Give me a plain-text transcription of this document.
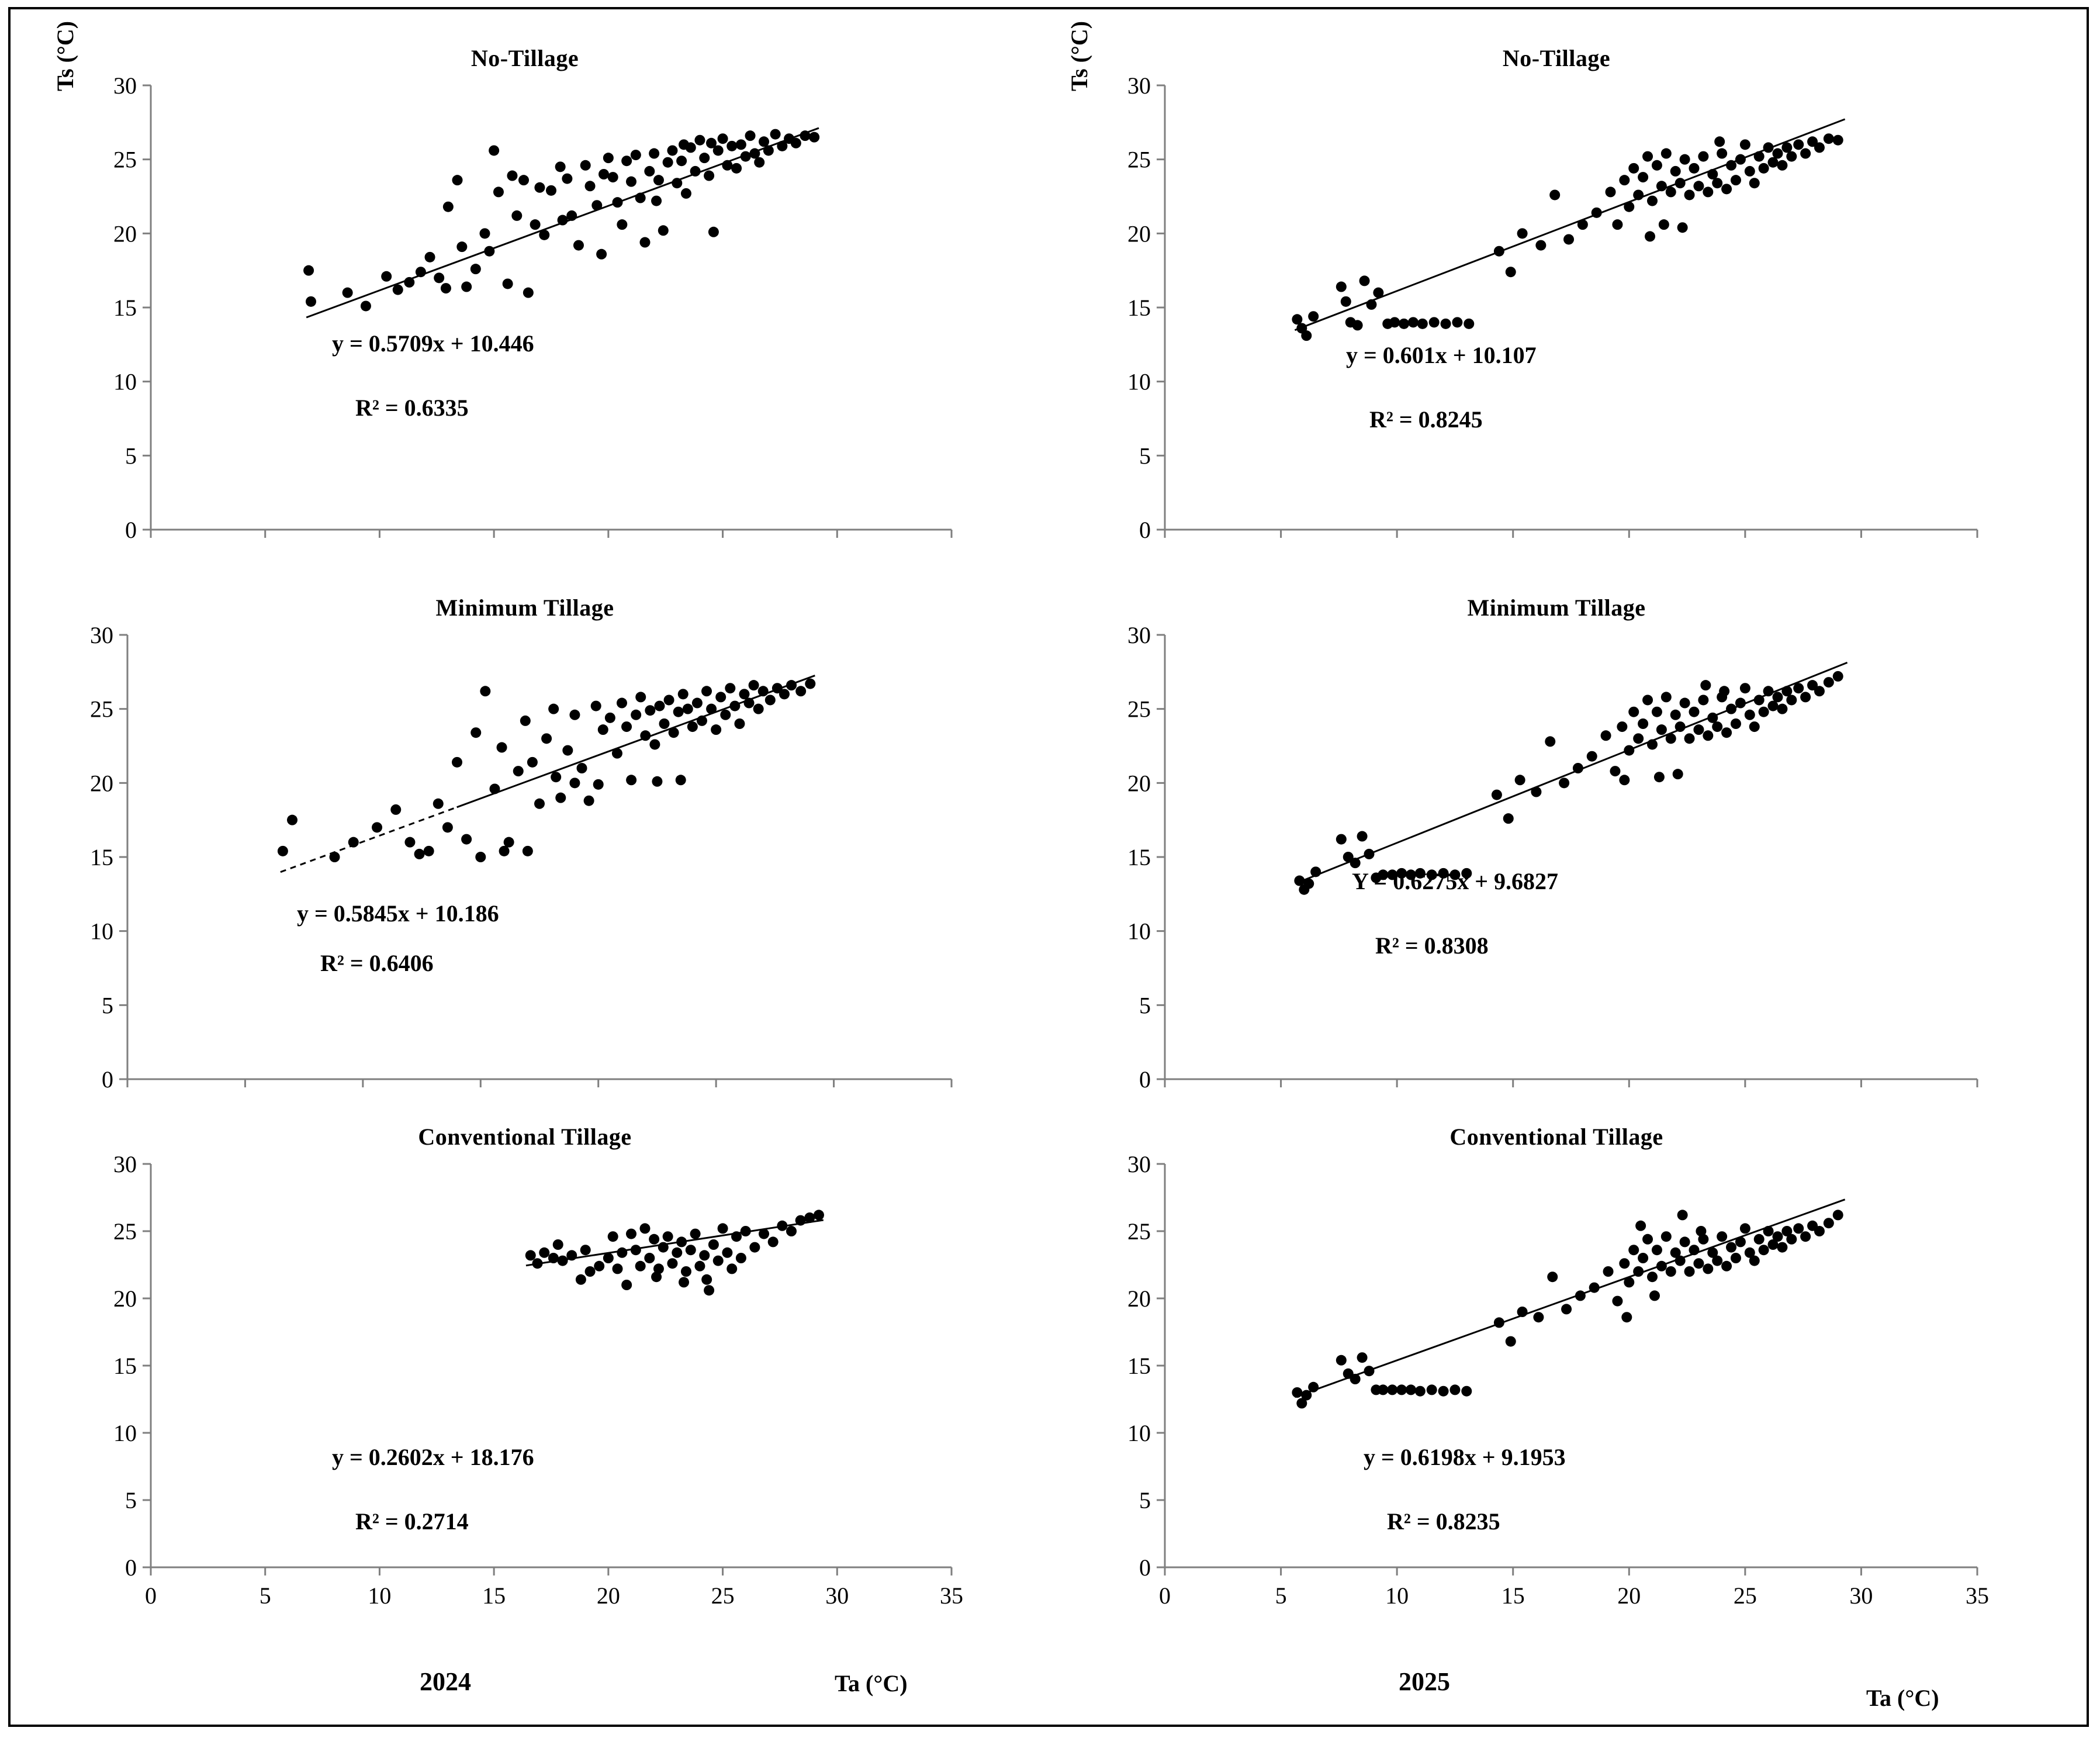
No-Tillage
Ts (°C)
0
5
10
15
20
25
30
y = 0.5709x + 10.446
R² = 0.6335
Minimum Tillage
0
5
10
15
20
25
30
y = 0.5845x + 10.186
R² = 0.6406
Conventional Tillage
0
5
10
15
20
25
30
0	5	10	15	20	25	30	35
y = 0.2602x + 18.176
R² = 0.2714
2024	Ta (°C)
No-Tillage
Ts (°C)
0
5
10
15
20
25
30
y = 0.601x + 10.107
R² = 0.8245
Minimum Tillage
0
5
10
15
20
25
30
Y = 0.6275x + 9.6827
R² = 0.8308
Conventional Tillage
0
5
10
15
20
25
30
0	5	10	15	20	25	30	35
y = 0.6198x + 9.1953
R² = 0.8235
2025
Ta (°C)
